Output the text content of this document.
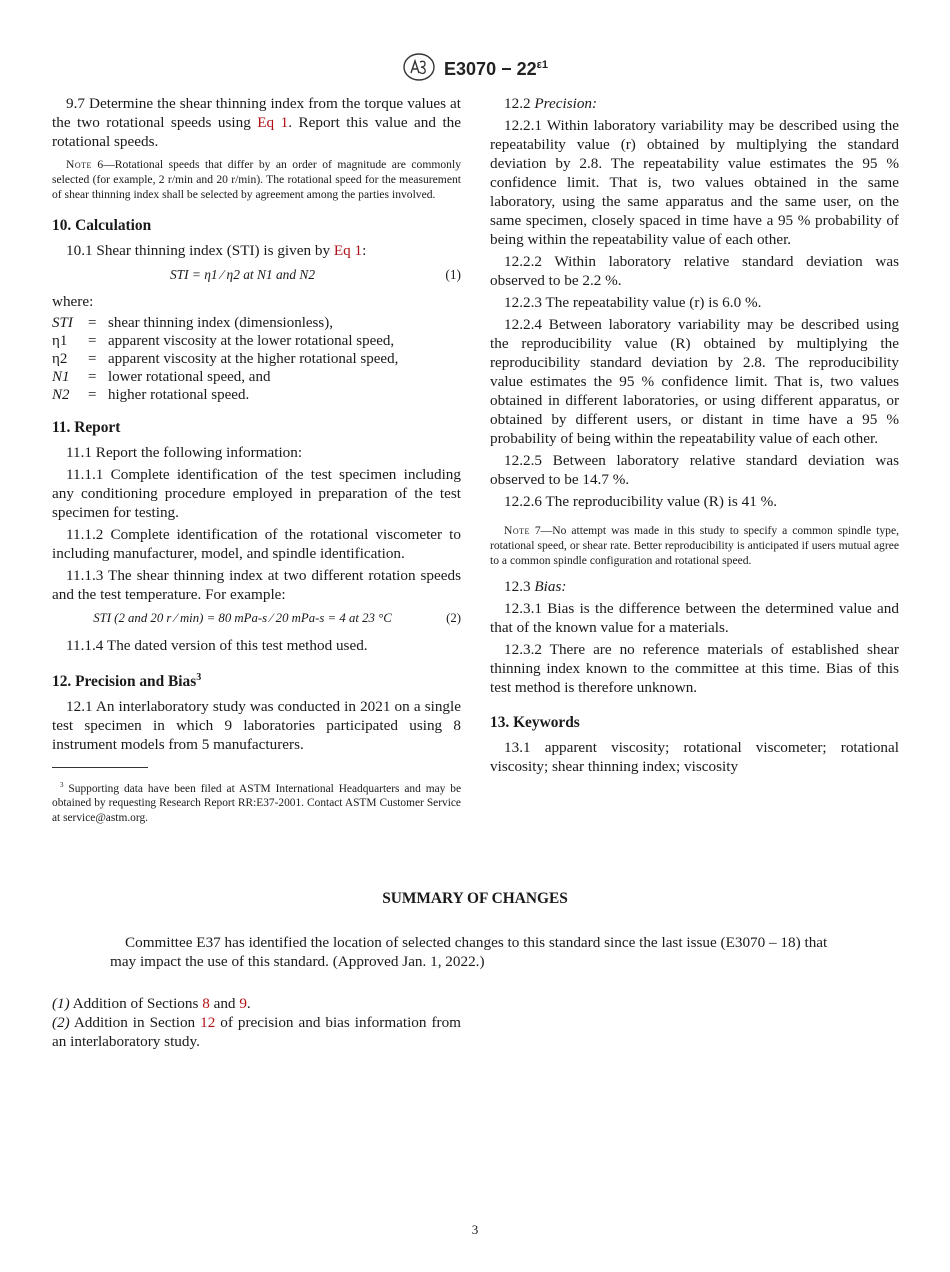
$E3070 - 22^{\varepsilon 1}$

9.7 Determine the shear thinning index from the torque values at the two rotational speeds using Eq 1. Report this value and the rotational speeds.

Note 6—Rotational speeds that differ by an order of magnitude are commonly selected (for example, 2 r/min and 20 r/min). The rotational speed for the measurement of shear thinning index shall be selected by agreement among the parties involved.

10. Calculation

10.1 Shear thinning index (STI) is given by Eq 1:

STI = η1 ⁄ η2 at N1 and N2	(1)

where:

STI	= shear thinning index (dimensionless),
η1	= apparent viscosity at the lower rotational speed,
η2	= apparent viscosity at the higher rotational speed,
N1	= lower rotational speed, and
N2	= higher rotational speed.
11. Report

11.1 Report the following information:

11.1.1 Complete identification of the test specimen including any conditioning procedure employed in preparation of the test specimen for testing.

11.1.2 Complete identification of the rotational viscometer to including manufacturer, model, and spindle identification.

11.1.3 The shear thinning index at two different rotation speeds and the test temperature. For example:

STI (2 and 20 r ⁄ min) = 80 mPa-s ⁄ 20 mPa-s = 4 at 23 °C	(2)

11.1.4 The dated version of this test method used.

12. Precision and Bias$^3$

12.1 An interlaboratory study was conducted in 2021 on a single test specimen in which 9 laboratories participated using 8 instrument models from 5 manufacturers.

$^3$ Supporting data have been filed at ASTM International Headquarters and may be obtained by requesting Research Report RR:E37-2001. Contact ASTM Customer Service at service@astm.org.

12.2 Precision:

12.2.1 Within laboratory variability may be described using the repeatability value (r) obtained by multiplying the standard deviation by 2.8. The repeatability value estimates the 95 % confidence limit. That is, two values obtained in the same laboratory, using the same apparatus and the same user, on the same specimen, closely spaced in time have a 95 % probability of being within the repeatability value of each other.

12.2.2 Within laboratory relative standard deviation was observed to be 2.2 %.

12.2.3 The repeatability value (r) is 6.0 %.

12.2.4 Between laboratory variability may be described using the reproducibility value (R) obtained by multiplying the reproducibility standard deviation by 2.8. The reproducibility value estimates the 95 % confidence limit. That is, two values obtained in different laboratories, or using different apparatus, or obtained by different users, or distant in time have a 95 % probability of being within the repeatability value of each other.

12.2.5 Between laboratory relative standard deviation was observed to be 14.7 %.

12.2.6 The reproducibility value (R) is 41 %.

Note 7—No attempt was made in this study to specify a common spindle type, rotational speed, or shear rate. Better reproducibility is anticipated if users mutual agree to a common spindle configuration and rotational speed.

12.3 Bias:

12.3.1 Bias is the difference between the determined value and that of the known value for a materials.

12.3.2 There are no reference materials of established shear thinning index known to the committee at this time. Bias of this test method is therefore unknown.

13. Keywords

13.1 apparent viscosity; rotational viscometer; rotational viscosity; shear thinning index; viscosity

SUMMARY OF CHANGES
Committee E37 has identified the location of selected changes to this standard since the last issue (E3070 – 18) that may impact the use of this standard. (Approved Jan. 1, 2022.)
(1) Addition of Sections 8 and 9.
(2) Addition in Section 12 of precision and bias information from an interlaboratory study.
3
